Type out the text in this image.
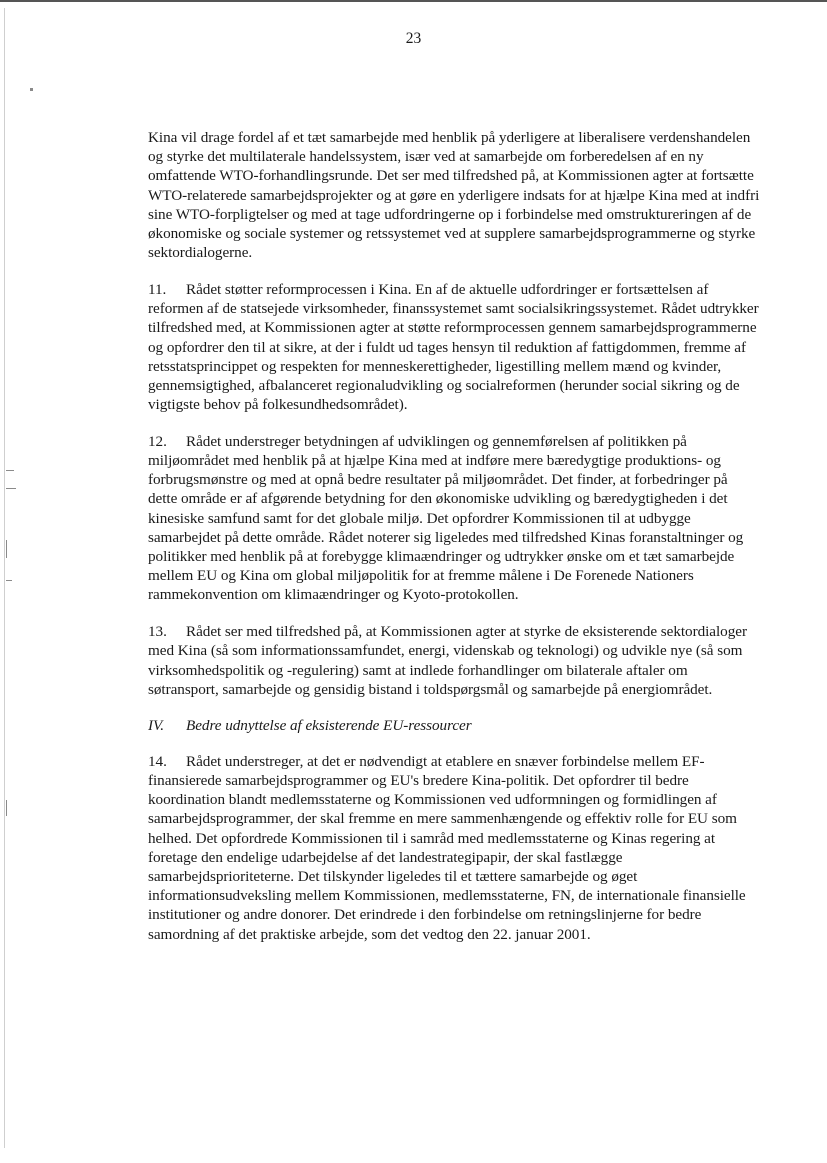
23

Kina vil drage fordel af et tæt samarbejde med henblik på yderligere at liberalisere verdenshandelen og styrke det multilaterale handelssystem, især ved at samarbejde om forberedelsen af en ny omfattende WTO-forhandlingsrunde. Det ser med tilfredshed på, at Kommissionen agter at fortsætte WTO-relaterede samarbejdsprojekter og at gøre en yderligere indsats for at hjælpe Kina med at indfri sine WTO-forpligtelser og med at tage udfordringerne op i forbindelse med omstruktureringen af de økonomiske og sociale systemer og retssystemet ved at supplere samarbejdsprogrammerne og styrke sektordialogerne.

11. Rådet støtter reformprocessen i Kina. En af de aktuelle udfordringer er fortsættelsen af reformen af de statsejede virksomheder, finanssystemet samt socialsikringssystemet. Rådet udtrykker tilfredshed med, at Kommissionen agter at støtte reformprocessen gennem samarbejdsprogrammerne og opfordrer den til at sikre, at der i fuldt ud tages hensyn til reduktion af fattigdommen, fremme af retsstatsprincippet og respekten for menneskerettigheder, ligestilling mellem mænd og kvinder, gennemsigtighed, afbalanceret regionaludvikling og socialreformen (herunder social sikring og de vigtigste behov på folkesundhedsområdet).

12. Rådet understreger betydningen af udviklingen og gennemførelsen af politikken på miljøområdet med henblik på at hjælpe Kina med at indføre mere bæredygtige produktions- og forbrugsmønstre og med at opnå bedre resultater på miljøområdet. Det finder, at forbedringer på dette område er af afgørende betydning for den økonomiske udvikling og bæredygtigheden i det kinesiske samfund samt for det globale miljø. Det opfordrer Kommissionen til at udbygge samarbejdet på dette område. Rådet noterer sig ligeledes med tilfredshed Kinas foranstaltninger og politikker med henblik på at forebygge klimaændringer og udtrykker ønske om et tæt samarbejde mellem EU og Kina om global miljøpolitik for at fremme målene i De Forenede Nationers rammekonvention om klimaændringer og Kyoto-protokollen.

13. Rådet ser med tilfredshed på, at Kommissionen agter at styrke de eksisterende sektordialoger med Kina (så som informationssamfundet, energi, videnskab og teknologi) og udvikle nye (så som virksomhedspolitik og -regulering) samt at indlede forhandlinger om bilaterale aftaler om søtransport, samarbejde og gensidig bistand i toldspørgsmål og samarbejde på energiområdet.

IV. Bedre udnyttelse af eksisterende EU-ressourcer

14. Rådet understreger, at det er nødvendigt at etablere en snæver forbindelse mellem EF-finansierede samarbejdsprogrammer og EU's bredere Kina-politik. Det opfordrer til bedre koordination blandt medlemsstaterne og Kommissionen ved udformningen og formidlingen af samarbejdsprogrammer, der skal fremme en mere sammenhængende og effektiv rolle for EU som helhed. Det opfordrede Kommissionen til i samråd med medlemsstaterne og Kinas regering at foretage den endelige udarbejdelse af det landestrategipapir, der skal fastlægge samarbejdsprioriteterne. Det tilskynder ligeledes til et tættere samarbejde og øget informationsudveksling mellem Kommissionen, medlemsstaterne, FN, de internationale finansielle institutioner og andre donorer. Det erindrede i den forbindelse om retningslinjerne for bedre samordning af det praktiske arbejde, som det vedtog den 22. januar 2001.
